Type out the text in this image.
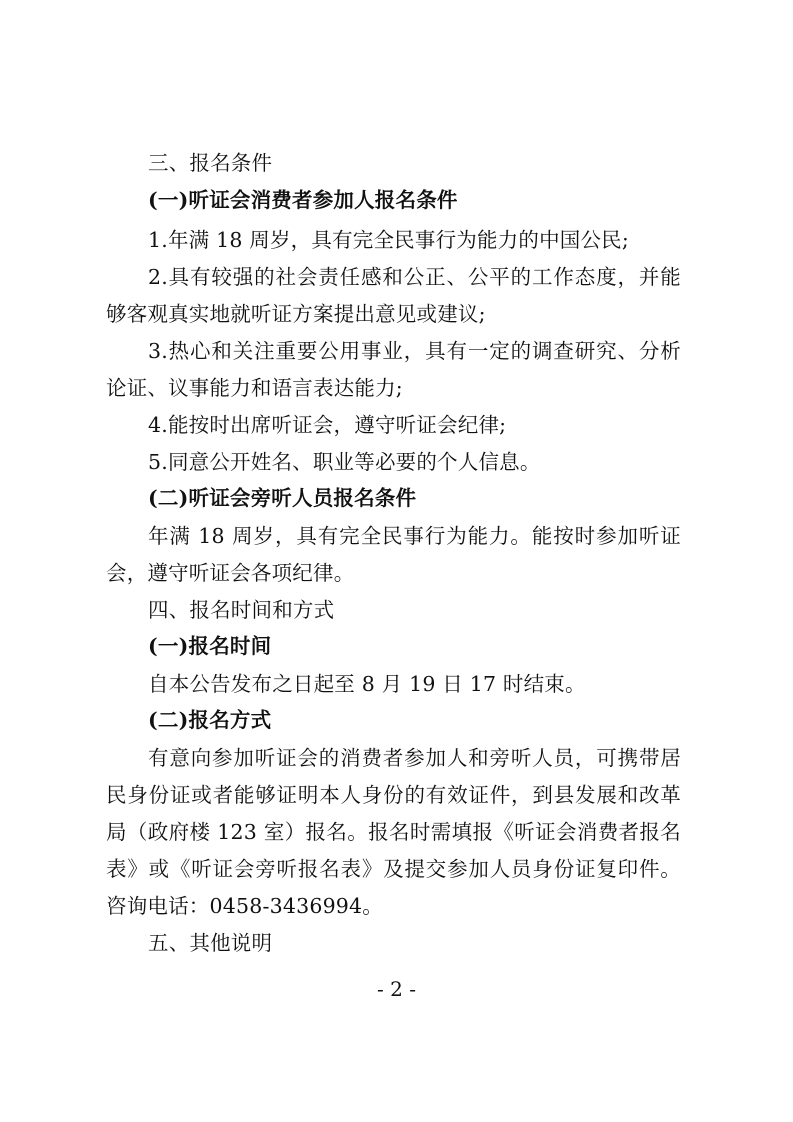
三、报名条件
(一)听证会消费者参加人报名条件
1.年满 18 周岁，具有完全民事行为能力的中国公民;
2.具有较强的社会责任感和公正、公平的工作态度，并能
够客观真实地就听证方案提出意见或建议;
3.热心和关注重要公用事业，具有一定的调查研究、分析
论证、议事能力和语言表达能力;
4.能按时出席听证会，遵守听证会纪律;
5.同意公开姓名、职业等必要的个人信息。
(二)听证会旁听人员报名条件
年满 18 周岁，具有完全民事行为能力。能按时参加听证
会，遵守听证会各项纪律。
四、报名时间和方式
(一)报名时间
自本公告发布之日起至 8 月 19 日 17 时结束。
(二)报名方式
有意向参加听证会的消费者参加人和旁听人员，可携带居
民身份证或者能够证明本人身份的有效证件，到县发展和改革
局（政府楼 123 室）报名。报名时需填报《听证会消费者报名
表》或《听证会旁听报名表》及提交参加人员身份证复印件。
咨询电话：0458-3436994。
五、其他说明
- 2 -
